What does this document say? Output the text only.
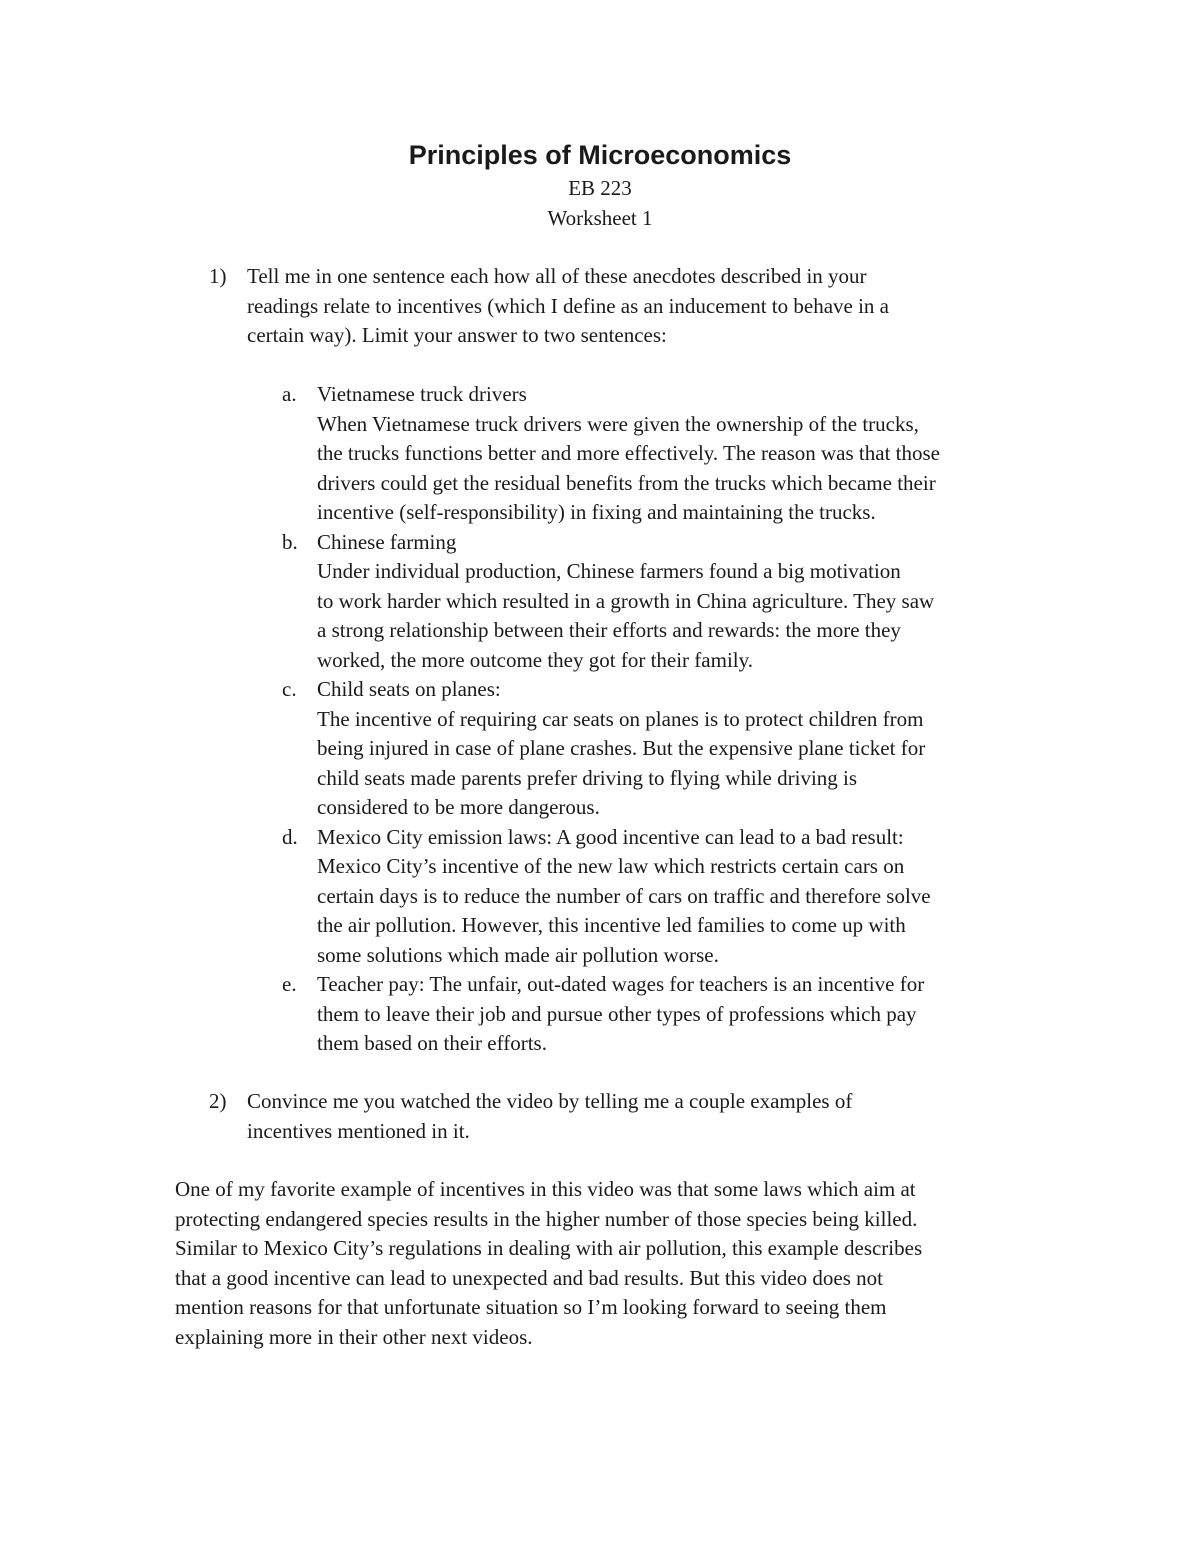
Principles of Microeconomics

EB 223

Worksheet 1

1) Tell me in one sentence each how all of these anecdotes described in your
readings relate to incentives (which I define as an inducement to behave in a
certain way). Limit your answer to two sentences:

a. Vietnamese truck drivers
When Vietnamese truck drivers were given the ownership of the trucks,
the trucks functions better and more effectively. The reason was that those
drivers could get the residual benefits from the trucks which became their
incentive (self-responsibility) in fixing and maintaining the trucks.

b. Chinese farming
Under individual production, Chinese farmers found a big motivation
to work harder which resulted in a growth in China agriculture. They saw
a strong relationship between their efforts and rewards: the more they
worked, the more outcome they got for their family.

c. Child seats on planes:
The incentive of requiring car seats on planes is to protect children from
being injured in case of plane crashes. But the expensive plane ticket for
child seats made parents prefer driving to flying while driving is
considered to be more dangerous.

d. Mexico City emission laws: A good incentive can lead to a bad result:
Mexico City’s incentive of the new law which restricts certain cars on
certain days is to reduce the number of cars on traffic and therefore solve
the air pollution. However, this incentive led families to come up with
some solutions which made air pollution worse.

e. Teacher pay: The unfair, out-dated wages for teachers is an incentive for
them to leave their job and pursue other types of professions which pay
them based on their efforts.

2) Convince me you watched the video by telling me a couple examples of
incentives mentioned in it.

One of my favorite example of incentives in this video was that some laws which aim at
protecting endangered species results in the higher number of those species being killed.
Similar to Mexico City’s regulations in dealing with air pollution, this example describes
that a good incentive can lead to unexpected and bad results. But this video does not
mention reasons for that unfortunate situation so I’m looking forward to seeing them
explaining more in their other next videos.
